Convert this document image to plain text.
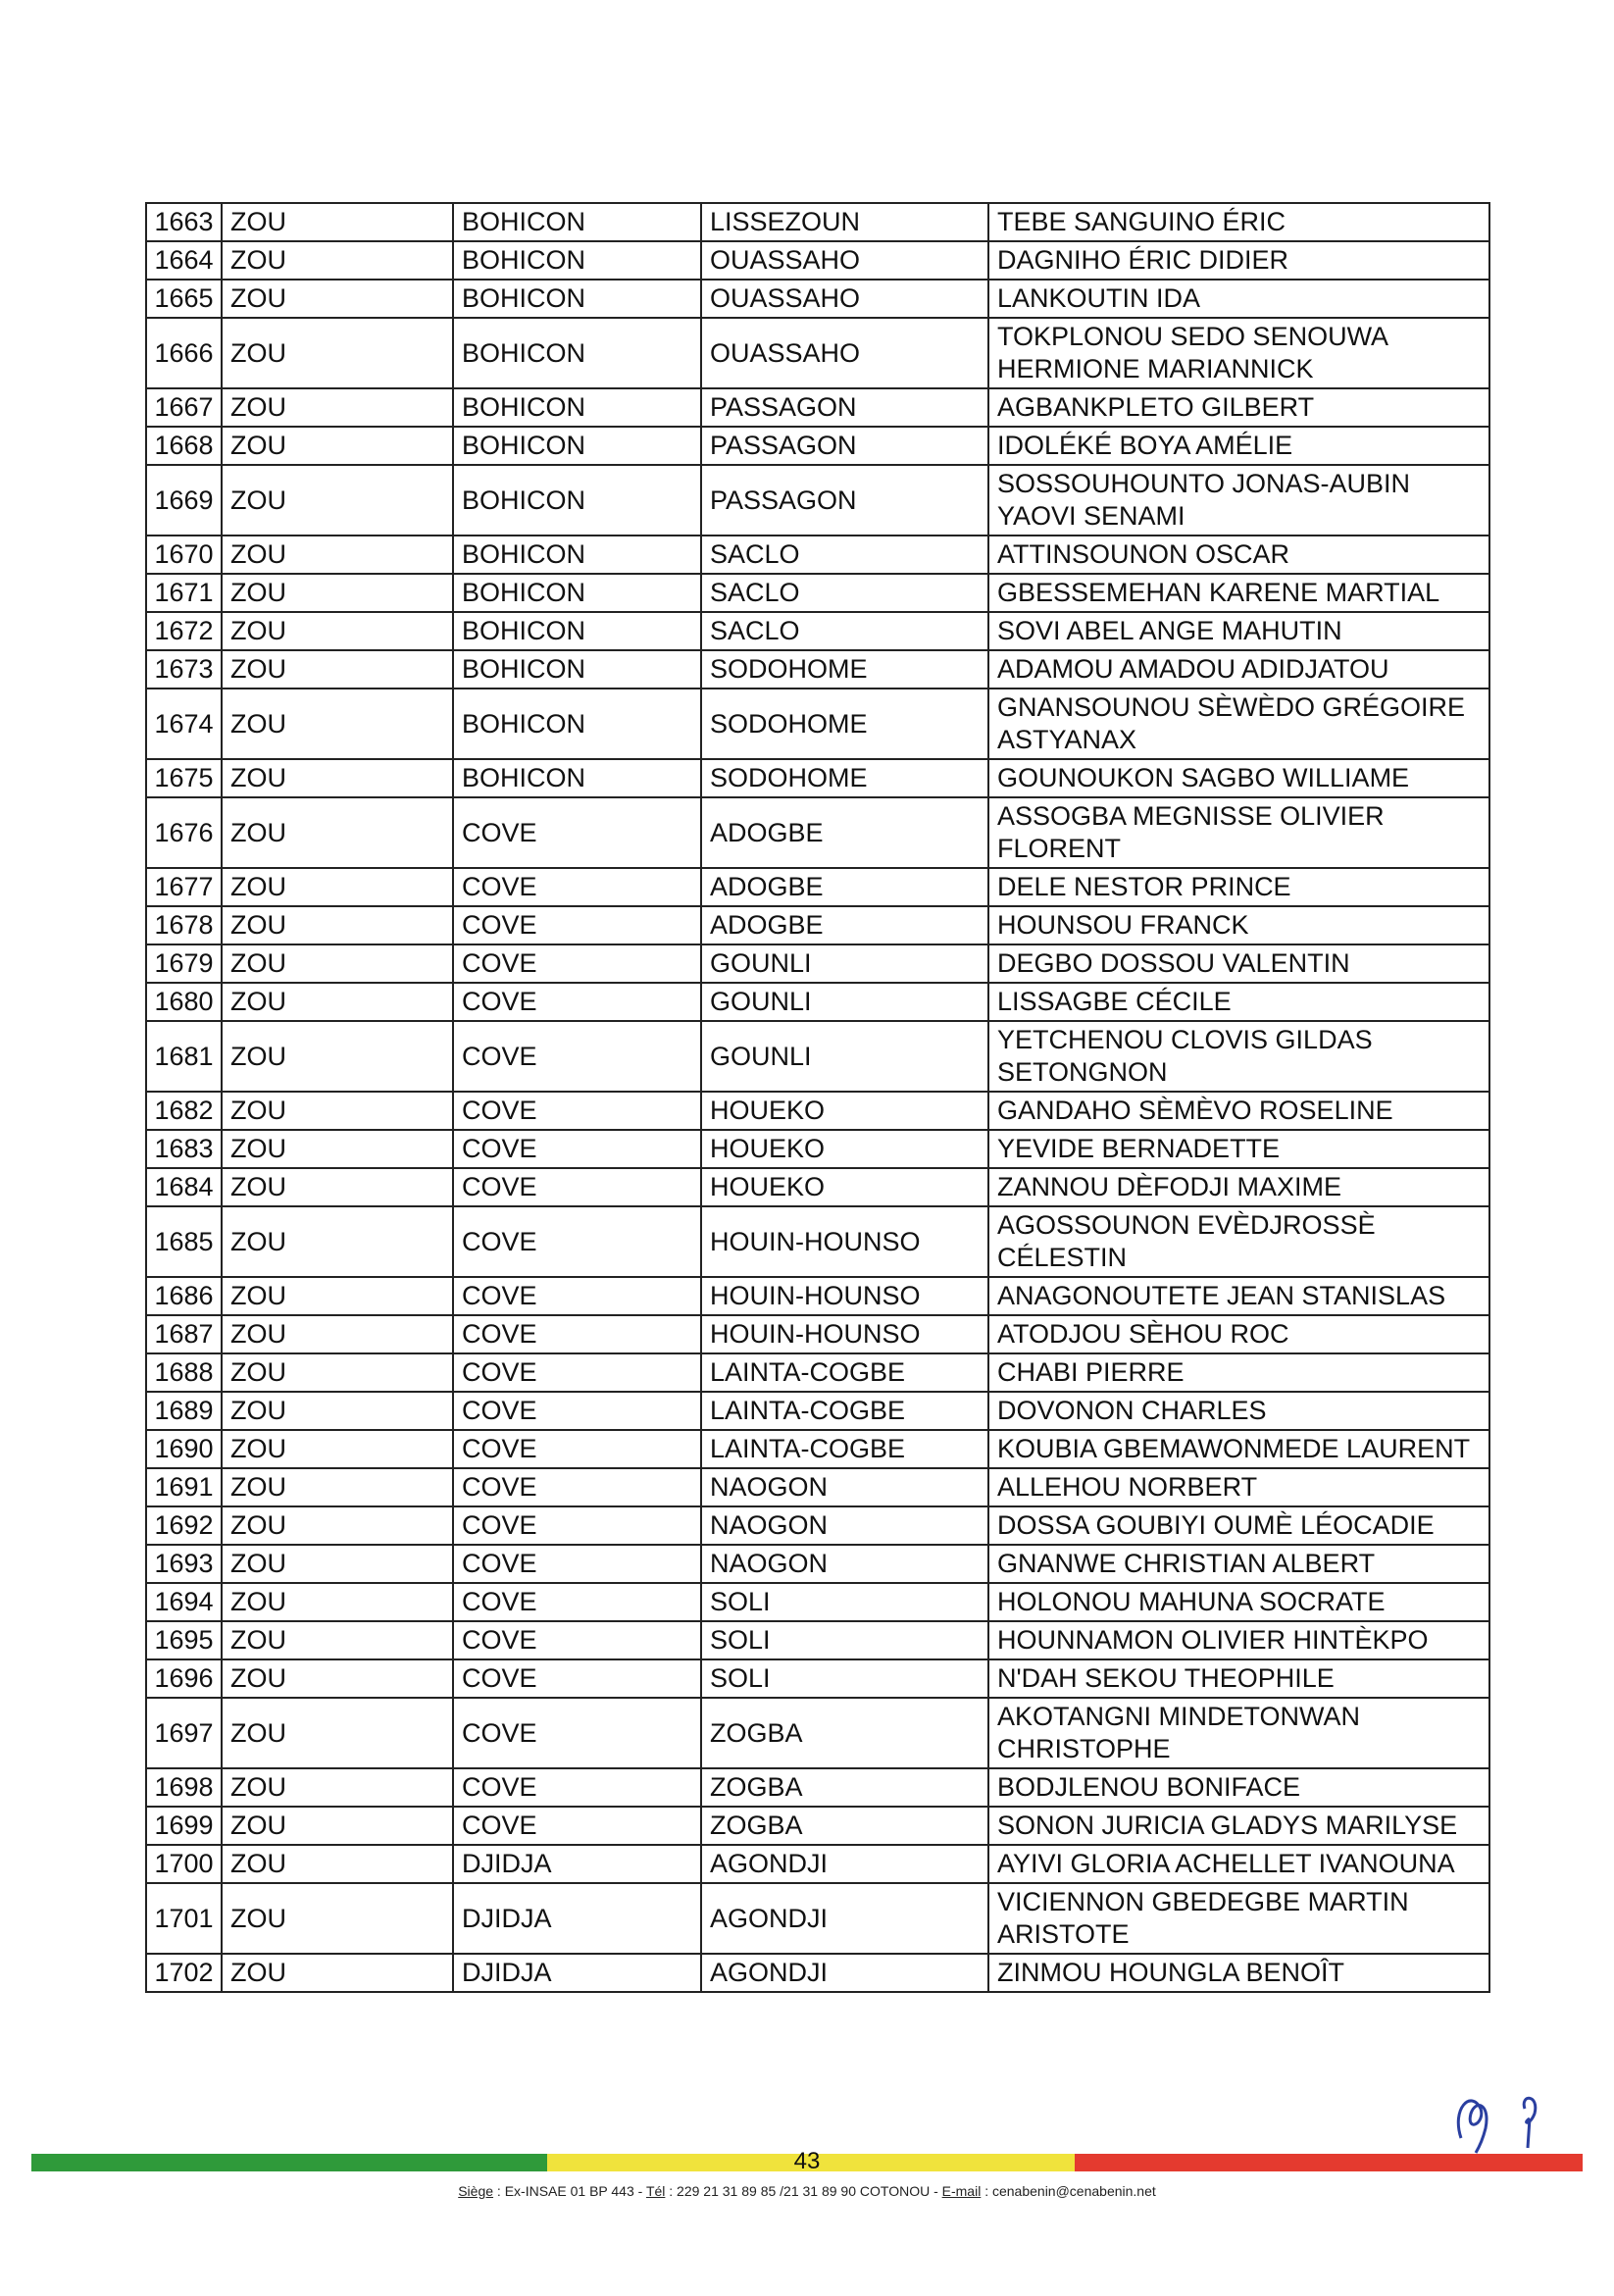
1663	ZOU	BOHICON	LISSEZOUN	TEBE SANGUINO ÉRIC
1664	ZOU	BOHICON	OUASSAHO	DAGNIHO ÉRIC DIDIER
1665	ZOU	BOHICON	OUASSAHO	LANKOUTIN IDA
1666	ZOU	BOHICON	OUASSAHO	TOKPLONOU SEDO SENOUWA HERMIONE MARIANNICK
1667	ZOU	BOHICON	PASSAGON	AGBANKPLETO GILBERT
1668	ZOU	BOHICON	PASSAGON	IDOLÉKÉ BOYA AMÉLIE
1669	ZOU	BOHICON	PASSAGON	SOSSOUHOUNTO JONAS-AUBIN YAOVI SENAMI
1670	ZOU	BOHICON	SACLO	ATTINSOUNON OSCAR
1671	ZOU	BOHICON	SACLO	GBESSEMEHAN KARENE MARTIAL
1672	ZOU	BOHICON	SACLO	SOVI ABEL ANGE MAHUTIN
1673	ZOU	BOHICON	SODOHOME	ADAMOU AMADOU ADIDJATOU
1674	ZOU	BOHICON	SODOHOME	GNANSOUNOU SÈWÈDO GRÉGOIRE ASTYANAX
1675	ZOU	BOHICON	SODOHOME	GOUNOUKON SAGBO WILLIAME
1676	ZOU	COVE	ADOGBE	ASSOGBA MEGNISSE OLIVIER FLORENT
1677	ZOU	COVE	ADOGBE	DELE NESTOR PRINCE
1678	ZOU	COVE	ADOGBE	HOUNSOU FRANCK
1679	ZOU	COVE	GOUNLI	DEGBO DOSSOU VALENTIN
1680	ZOU	COVE	GOUNLI	LISSAGBE CÉCILE
1681	ZOU	COVE	GOUNLI	YETCHENOU CLOVIS GILDAS SETONGNON
1682	ZOU	COVE	HOUEKO	GANDAHO SÈMÈVO ROSELINE
1683	ZOU	COVE	HOUEKO	YEVIDE BERNADETTE
1684	ZOU	COVE	HOUEKO	ZANNOU DÈFODJI MAXIME
1685	ZOU	COVE	HOUIN-HOUNSO	AGOSSOUNON EVÈDJROSSÈ CÉLESTIN
1686	ZOU	COVE	HOUIN-HOUNSO	ANAGONOUTETE JEAN STANISLAS
1687	ZOU	COVE	HOUIN-HOUNSO	ATODJOU SÈHOU ROC
1688	ZOU	COVE	LAINTA-COGBE	CHABI PIERRE
1689	ZOU	COVE	LAINTA-COGBE	DOVONON CHARLES
1690	ZOU	COVE	LAINTA-COGBE	KOUBIA GBEMAWONMEDE LAURENT
1691	ZOU	COVE	NAOGON	ALLEHOU NORBERT
1692	ZOU	COVE	NAOGON	DOSSA GOUBIYI OUMÈ LÉOCADIE
1693	ZOU	COVE	NAOGON	GNANWE CHRISTIAN ALBERT
1694	ZOU	COVE	SOLI	HOLONOU MAHUNA SOCRATE
1695	ZOU	COVE	SOLI	HOUNNAMON OLIVIER HINTÈKPO
1696	ZOU	COVE	SOLI	N'DAH SEKOU THEOPHILE
1697	ZOU	COVE	ZOGBA	AKOTANGNI MINDETONWAN CHRISTOPHE
1698	ZOU	COVE	ZOGBA	BODJLENOU BONIFACE
1699	ZOU	COVE	ZOGBA	SONON JURICIA GLADYS MARILYSE
1700	ZOU	DJIDJA	AGONDJI	AYIVI GLORIA ACHELLET IVANOUNA
1701	ZOU	DJIDJA	AGONDJI	VICIENNON GBEDEGBE MARTIN ARISTOTE
1702	ZOU	DJIDJA	AGONDJI	ZINMOU HOUNGLA BENOÎT
43
Siège : Ex-INSAE 01 BP 443 - Tél : 229 21 31 89 85 /21 31 89 90 COTONOU - E-mail : cenabenin@cenabenin.net
